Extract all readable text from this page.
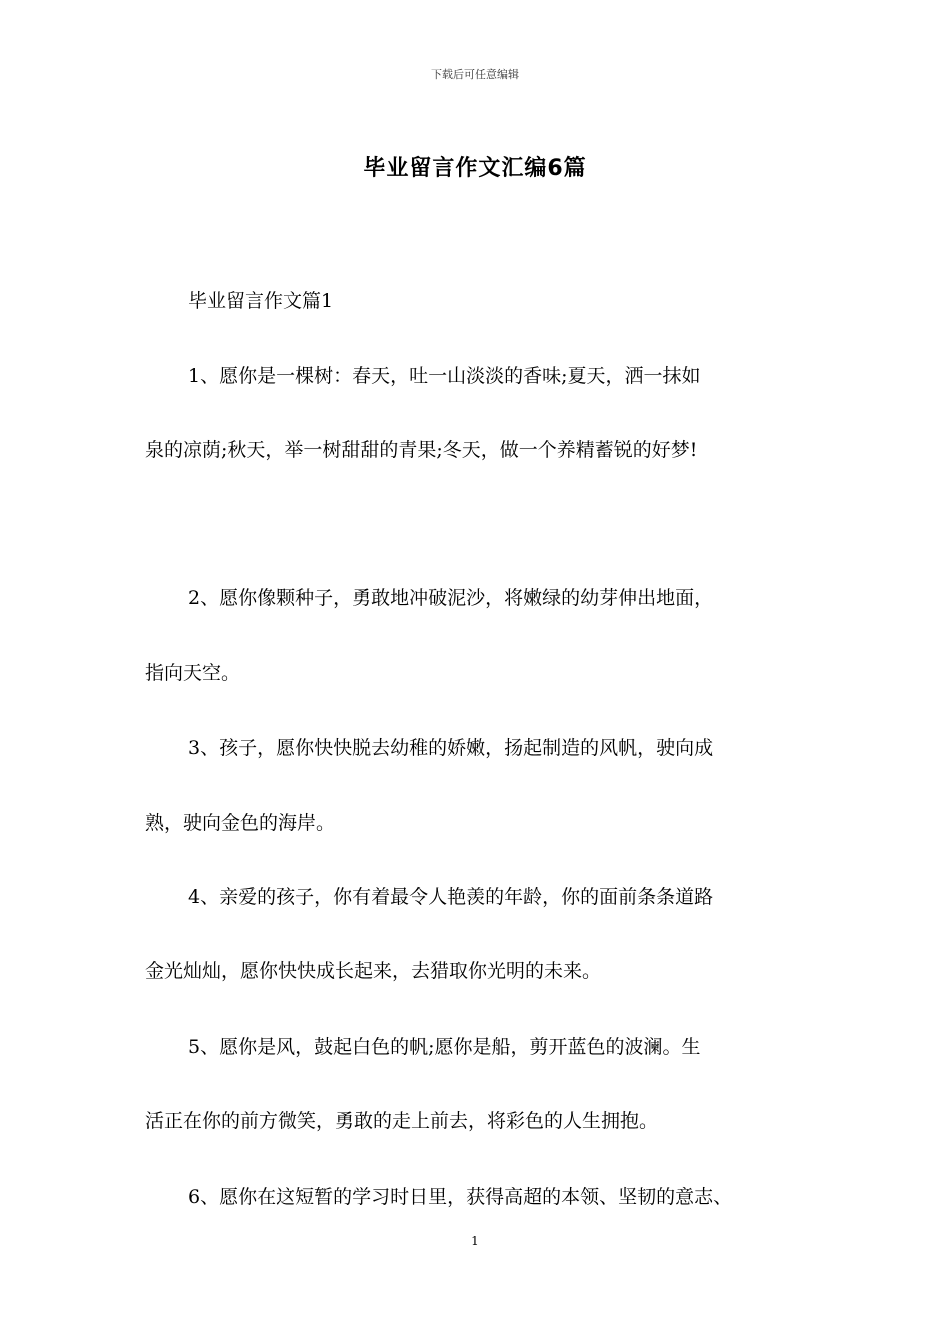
下载后可任意编辑
毕业留言作文汇编6篇
毕业留言作文篇1
1、愿你是一棵树：春天，吐一山淡淡的香味;夏天，洒一抹如
泉的凉荫;秋天，举一树甜甜的青果;冬天，做一个养精蓄锐的好梦!
2、愿你像颗种子，勇敢地冲破泥沙，将嫩绿的幼芽伸出地面，
指向天空。
3、孩子，愿你快快脱去幼稚的娇嫩，扬起制造的风帆，驶向成
熟，驶向金色的海岸。
4、亲爱的孩子，你有着最令人艳羡的年龄，你的面前条条道路
金光灿灿，愿你快快成长起来，去猎取你光明的未来。
5、愿你是风，鼓起白色的帆;愿你是船，剪开蓝色的波澜。生
活正在你的前方微笑，勇敢的走上前去，将彩色的人生拥抱。
6、愿你在这短暂的学习时日里，获得高超的本领、坚韧的意志、
1
